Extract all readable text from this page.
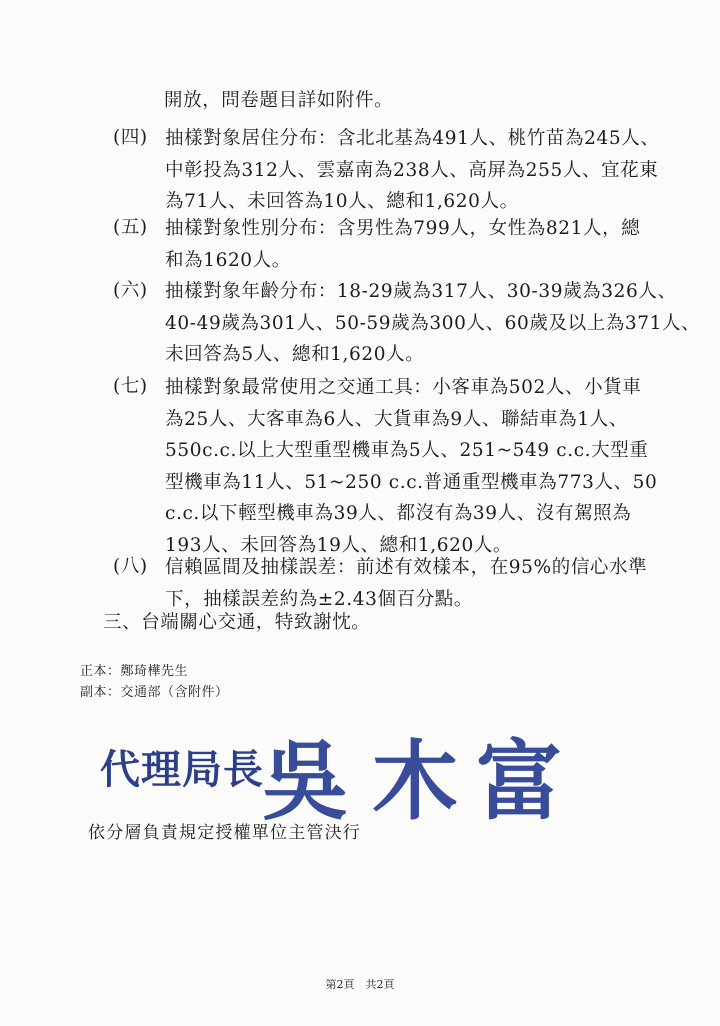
開放，問卷題目詳如附件。
(四) 抽樣對象居住分布：含北北基為491人、桃竹苗為245人、
中彰投為312人、雲嘉南為238人、高屏為255人、宜花東
為71人、未回答為10人、總和1,620人。
(五) 抽樣對象性別分布：含男性為799人，女性為821人，總
和為1620人。
(六) 抽樣對象年齡分布：18-29歲為317人、30-39歲為326人、
40-49歲為301人、50-59歲為300人、60歲及以上為371人、
未回答為5人、總和1,620人。
(七) 抽樣對象最常使用之交通工具：小客車為502人、小貨車
為25人、大客車為6人、大貨車為9人、聯結車為1人、
550c.c.以上大型重型機車為5人、251~549 c.c.大型重
型機車為11人、51~250 c.c.普通重型機車為773人、50
c.c.以下輕型機車為39人、都沒有為39人、沒有駕照為
193人、未回答為19人、總和1,620人。
(八) 信賴區間及抽樣誤差：前述有效樣本，在95%的信心水準
下，抽樣誤差約為±2.43個百分點。
三、台端關心交通，特致謝忱。
正本：鄭琦樺先生
副本：交通部（含附件）
代理局長
吳 木 富
依分層負責規定授權單位主管決行
第2頁　共2頁
